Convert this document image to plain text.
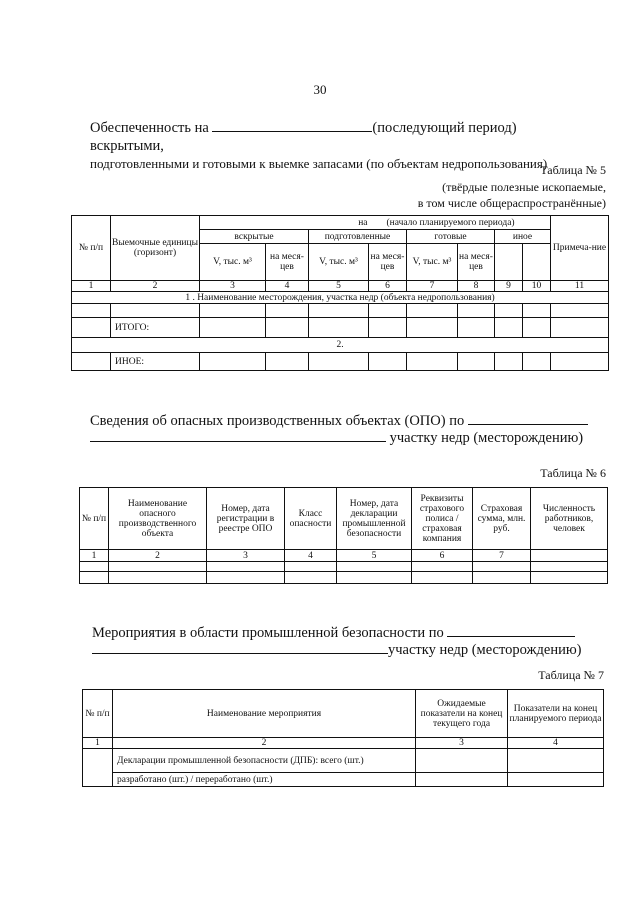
30
Обеспеченность на	(последующий период) вскрытыми,
подготовленными и готовыми к выемке запасами (по объектам недропользования)
Таблица № 5
(твёрдые полезные ископаемые,
в том числе общераспространённые)
№ п/п	Выемочные единицы (горизонт)	на			(начало планируемого периода)					Примеча-ние
		вскрытые		подготовленные		готовые		иное		
		V, тыс. м³	на меся-цев	V, тыс. м³	на меся-цев	V, тыс. м³	на меся-цев			
1	2	3	4	5	6	7	8	9	10	11
1 . Наименование месторождения, участка недр (объекта недропользования)										

	ИТОГО:									
2.										
	ИНОЕ:									
Сведения об опасных производственных объектах (ОПО) по
участку недр (месторождению)
Таблица № 6
№ п/п	Наименование опасного производственного объекта	Номер, дата регистрации в реестре ОПО	Класс опасности	Номер, дата декларации промышленной безопасности	Реквизиты страхового полиса / страховая компания	Страховая сумма, млн. руб.	Численность работников, человек
1	2	3	4	5	6	7	

Мероприятия в области промышленной безопасности по
участку недр (месторождению)
Таблица № 7
№ п/п	Наименование мероприятия	Ожидаемые показатели на конец текущего года	Показатели на конец планируемого периода
1	2	3	4
	Декларации промышленной безопасности (ДПБ): всего (шт.)		
	разработано (шт.) / переработано (шт.)		
